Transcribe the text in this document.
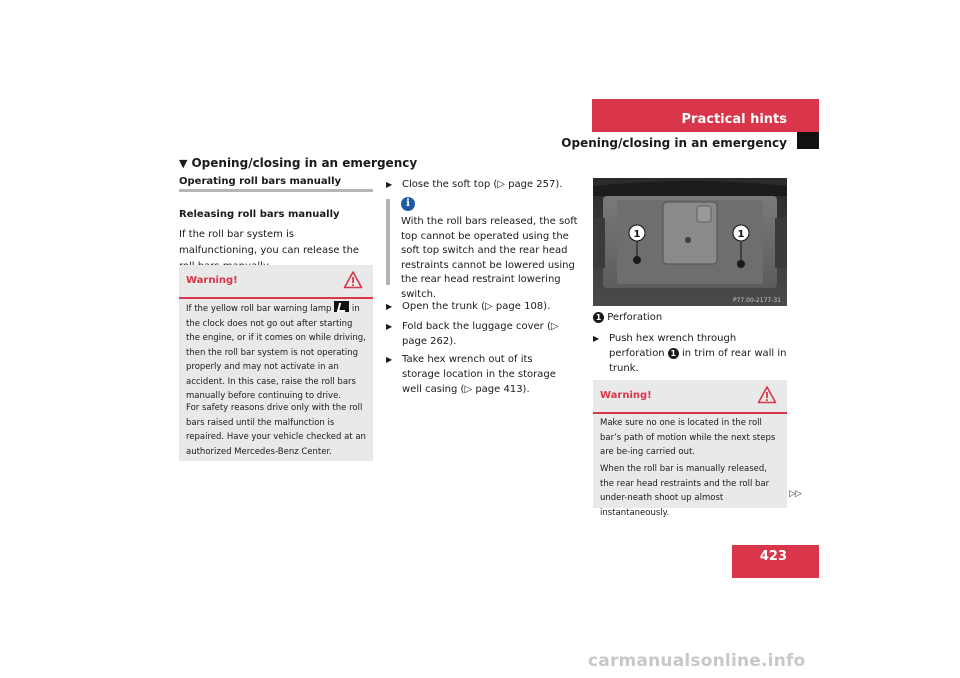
Practical hints
Opening/closing in an emergency
▼ Opening/closing in an emergency
Operating roll bars manually
Releasing roll bars manually
If the roll bar system is malfunctioning, you can release the
Warning!
If the yellow roll bar warning lamp in the clock does not go out after starting the engine, or if it comes on while driving, then the roll bar system is not operating properly and may not activate in an accident. In this case, raise the roll bars manually before continuing to drive.
For safety reasons drive only with the roll bars raised until the malfunction is repaired. Have your vehicle checked at an authorized Mercedes-Benz Center.
▶ Close the soft top (▷ page 257).
i
With the roll bars released, the soft top cannot be operated using the soft top switch and the rear head restraints cannot be lowered using the rear head restraint lowering switch.
▶ Open the trunk (▷ page 108).
▶ Fold back the luggage cover (▷ page 262).
▶ Take hex wrench out of its storage location in the storage well casing (▷ page 413).
1	1
P77.00-2177-31
1 Perforation
▶ Push hex wrench through perforation 1 in trim of rear wall in trunk.
Warning!
Make sure no one is located in the roll bar’s path of motion while the next steps are be-ing carried out.
When the roll bar is manually released, the rear head restraints and the roll bar under-neath shoot up almost instantaneously.
▷▷
423
carmanualsonline.info
